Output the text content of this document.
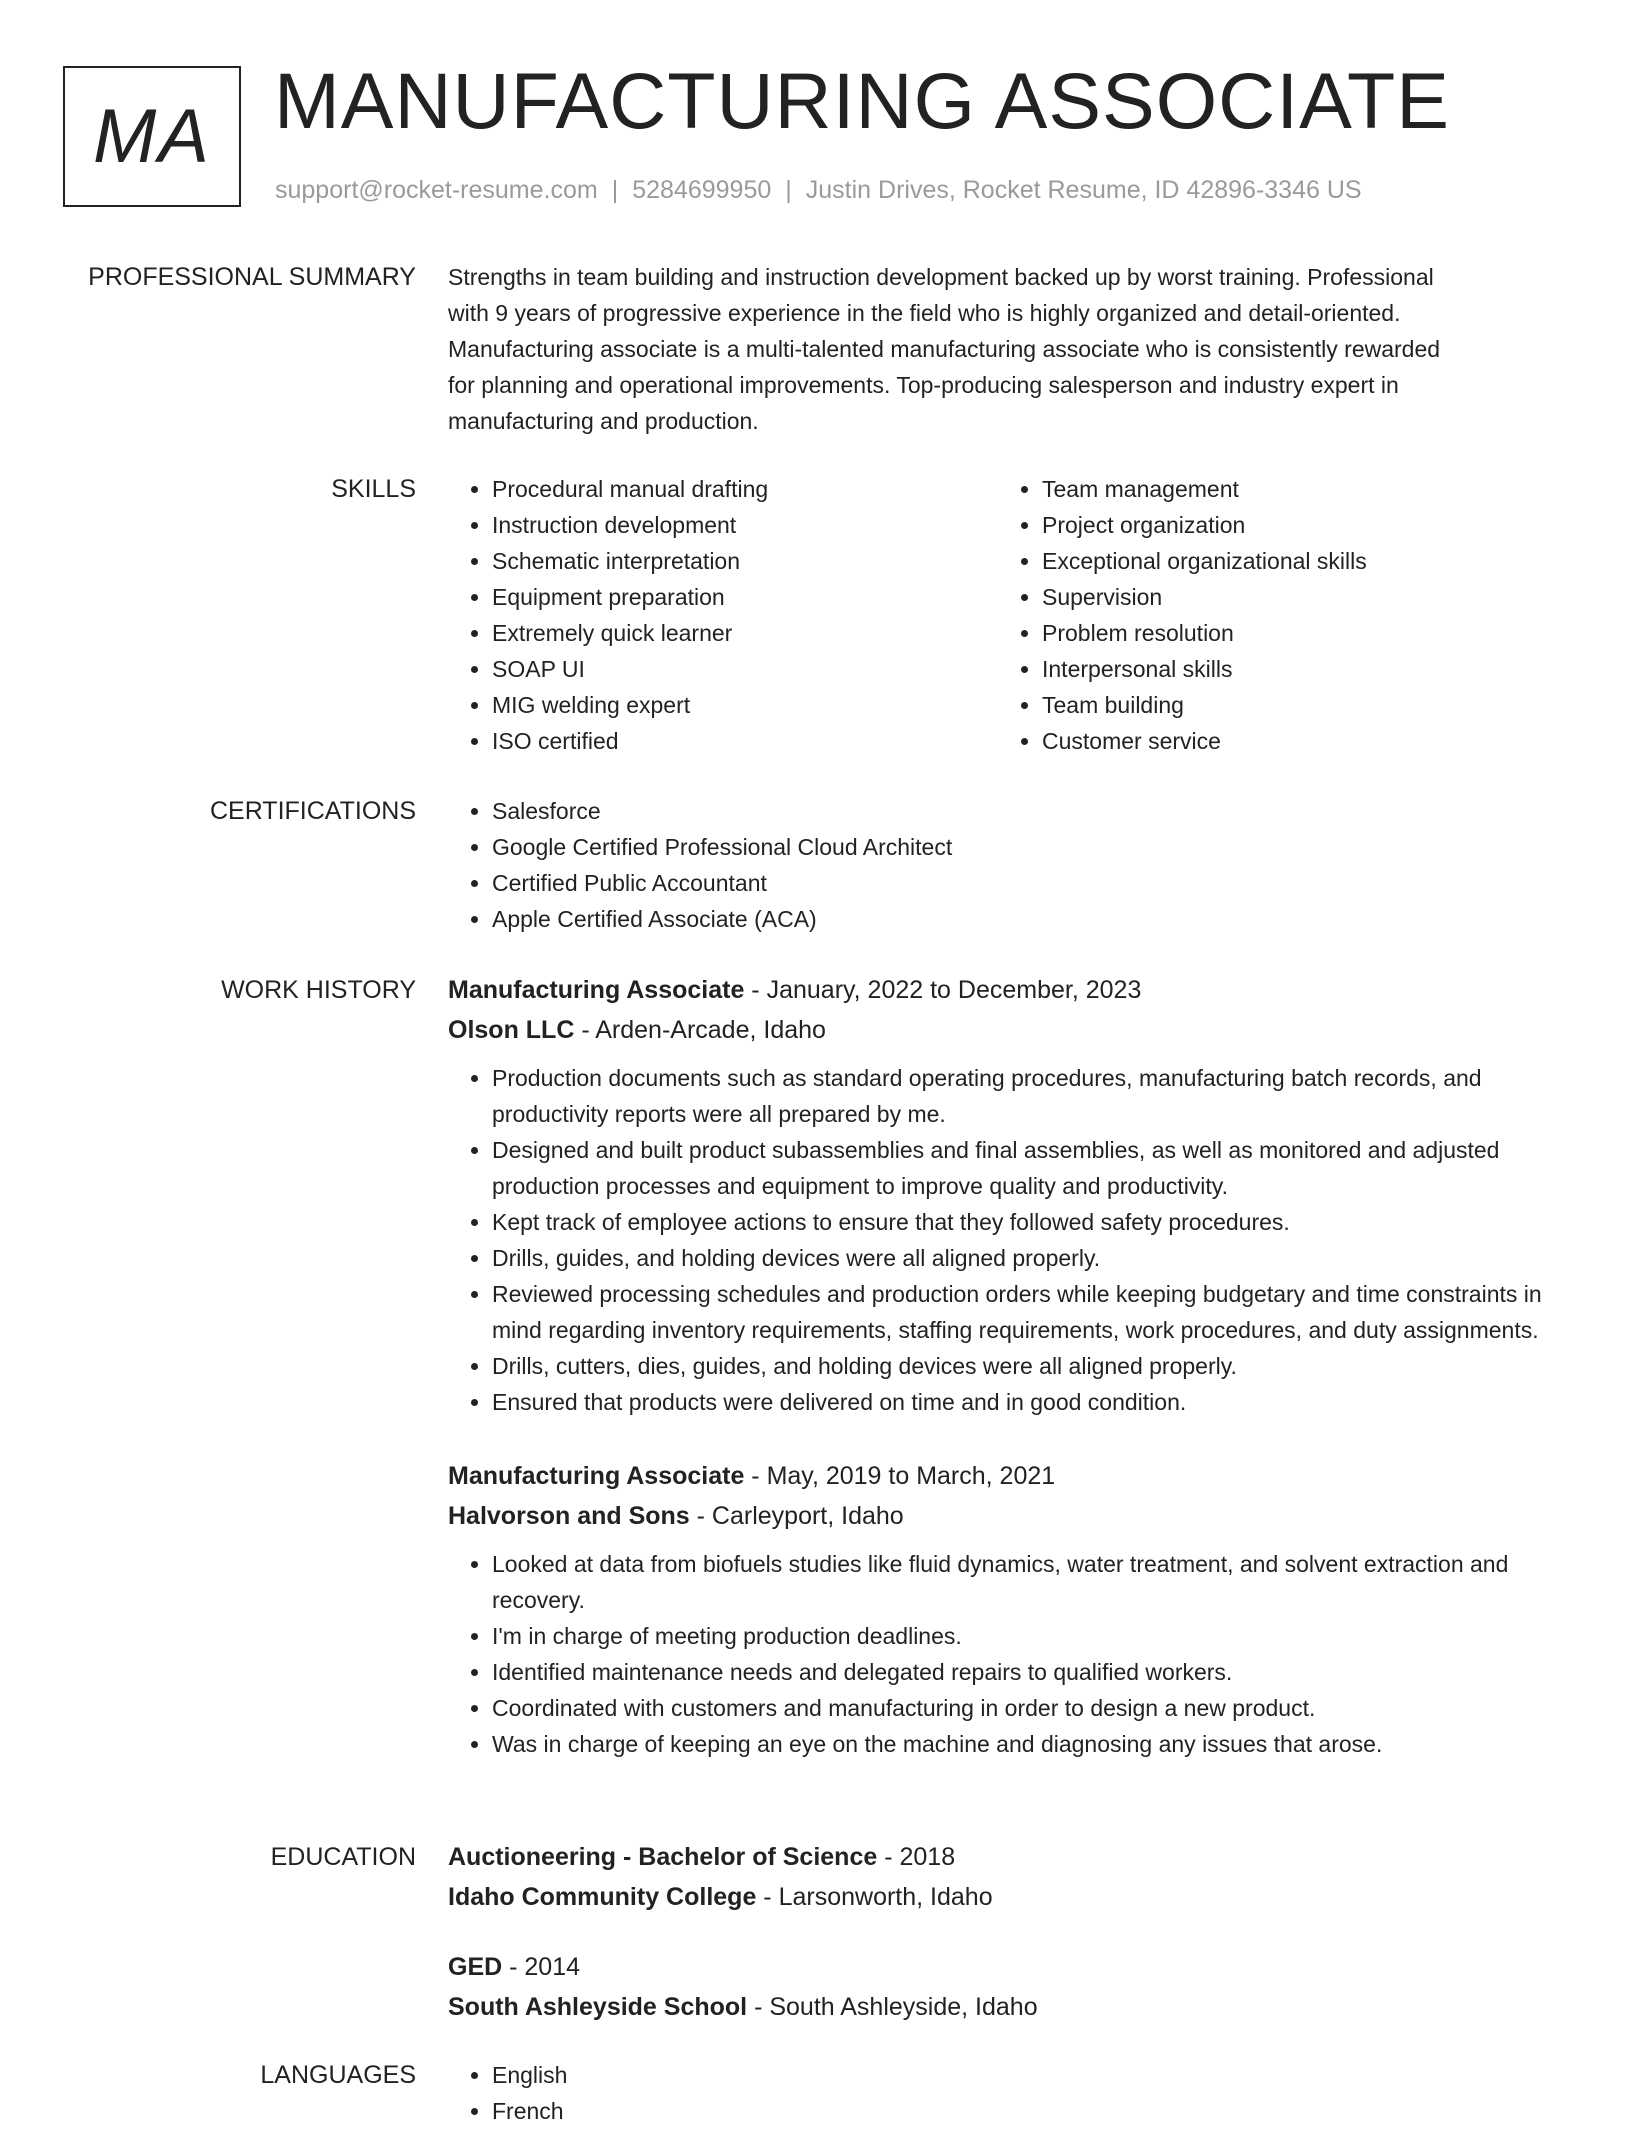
MA MANUFACTURING ASSOCIATE
support@rocket-resume.com | 5284699950 | Justin Drives, Rocket Resume, ID 42896-3346 US
PROFESSIONAL SUMMARY Strengths in team building and instruction development backed up by worst training. Professional
with 9 years of progressive experience in the field who is highly organized and detail-oriented.
Manufacturing associate is a multi-talented manufacturing associate who is consistently rewarded
for planning and operational improvements. Top-producing salesperson and industry expert in
manufacturing and production.
SKILLS	• Procedural manual drafting
• Instruction development
• Schematic interpretation
• Equipment preparation
• Extremely quick learner
• SOAP UI
• MIG welding expert
• ISO certified
• Team management
• Project organization
• Exceptional organizational skills
• Supervision
• Problem resolution
• Interpersonal skills
• Team building
• Customer service
CERTIFICATIONS	• Salesforce
• Google Certified Professional Cloud Architect
• Certified Public Accountant
• Apple Certified Associate (ACA)
WORK HISTORY Manufacturing Associate - January, 2022 to December, 2023
Olson LLC - Arden-Arcade, Idaho
• Production documents such as standard operating procedures, manufacturing batch records, and productivity reports were all prepared by me.
• Designed and built product subassemblies and final assemblies, as well as monitored and adjusted production processes and equipment to improve quality and productivity.
• Kept track of employee actions to ensure that they followed safety procedures.
• Drills, guides, and holding devices were all aligned properly.
• Reviewed processing schedules and production orders while keeping budgetary and time constraints in mind regarding inventory requirements, staffing requirements, work procedures, and duty assignments.
• Drills, cutters, dies, guides, and holding devices were all aligned properly.
• Ensured that products were delivered on time and in good condition.
Manufacturing Associate - May, 2019 to March, 2021
Halvorson and Sons - Carleyport, Idaho
• Looked at data from biofuels studies like fluid dynamics, water treatment, and solvent extraction and recovery.
• I'm in charge of meeting production deadlines.
• Identified maintenance needs and delegated repairs to qualified workers.
• Coordinated with customers and manufacturing in order to design a new product.
• Was in charge of keeping an eye on the machine and diagnosing any issues that arose.
EDUCATION Auctioneering - Bachelor of Science - 2018
Idaho Community College - Larsonworth, Idaho
GED - 2014
South Ashleyside School - South Ashleyside, Idaho
LANGUAGES	• English
• French
